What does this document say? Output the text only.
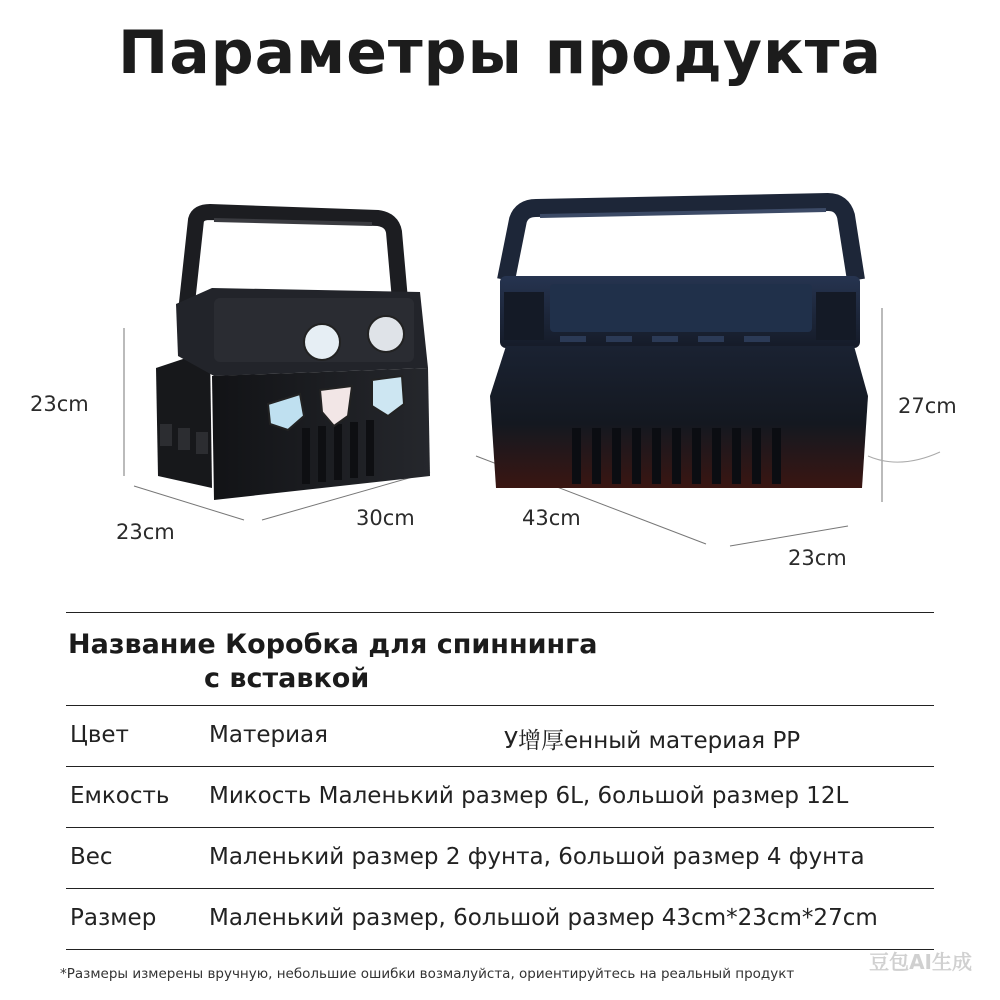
Параметры продукта
23cm
23cm
30cm
27cm
43cm
23cm
Название Коробка для спиннинга
с вставкой
Цвет	Материая	У增厚енный материая PP
Емкость Микость Маленький размер 6L, 6ольшой размер 12L
Вес	Маленький размер 2 фунта, 6ольшой размер 4 фунта
Размер Маленький размер, 6ольшой размер 43cm*23cm*27cm
豆包AI生成
*Размеры измерены вручную, небольшие ошибки возмалуйста, ориентируйтесь на реальный продукт
